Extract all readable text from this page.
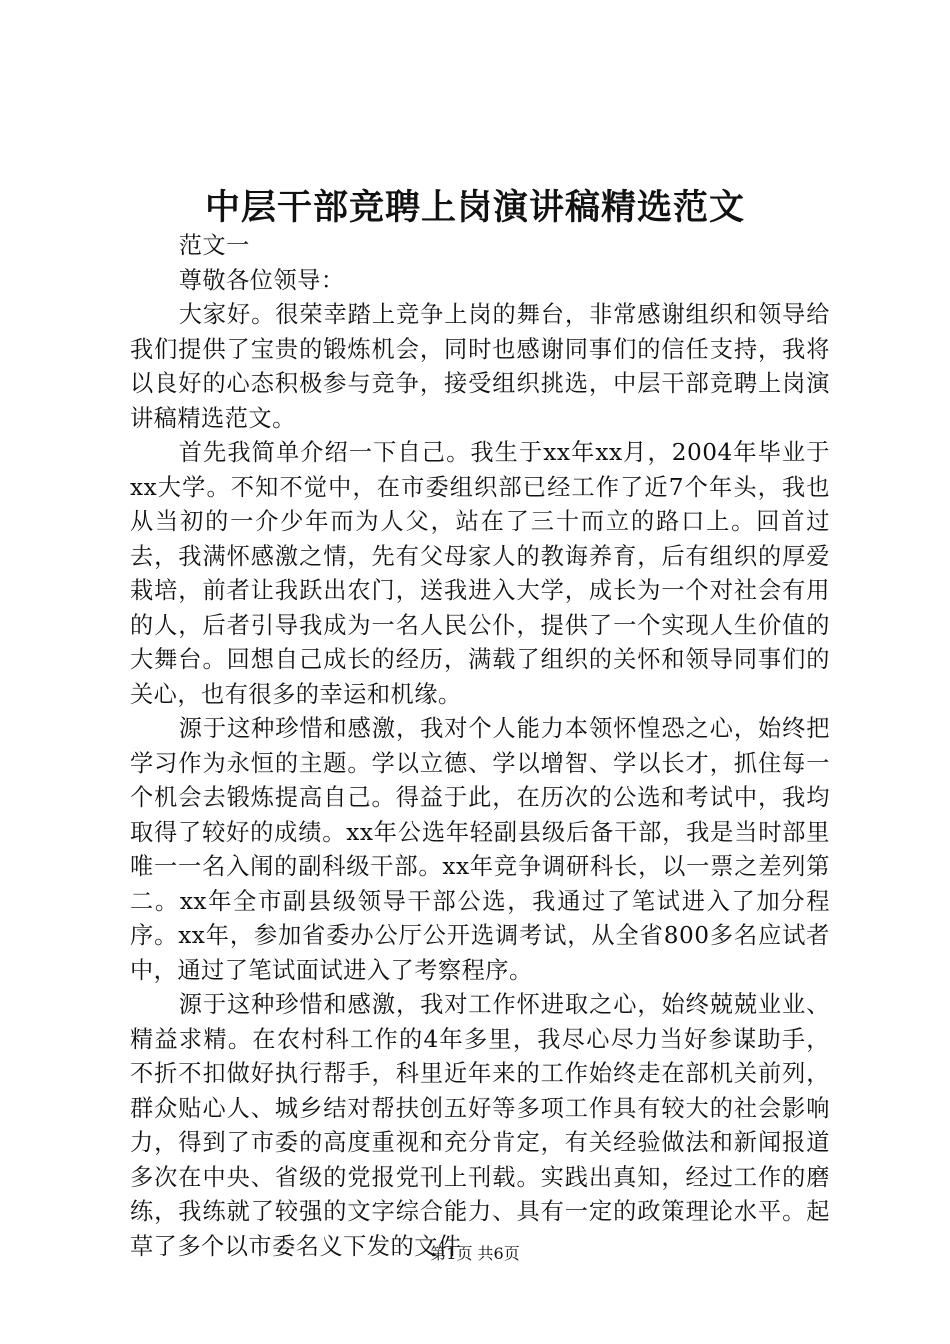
中层干部竞聘上岗演讲稿精选范文

范文一

尊敬各位领导：

大家好。很荣幸踏上竞争上岗的舞台，非常感谢组织和领导给我们提供了宝贵的锻炼机会，同时也感谢同事们的信任支持，我将以良好的心态积极参与竞争，接受组织挑选，中层干部竞聘上岗演讲稿精选范文。

首先我简单介绍一下自己。我生于xx年xx月，2004年毕业于xx大学。不知不觉中，在市委组织部已经工作了近7个年头，我也从当初的一介少年而为人父，站在了三十而立的路口上。回首过去，我满怀感激之情，先有父母家人的教诲养育，后有组织的厚爱栽培，前者让我跃出农门，送我进入大学，成长为一个对社会有用的人，后者引导我成为一名人民公仆，提供了一个实现人生价值的大舞台。回想自己成长的经历，满载了组织的关怀和领导同事们的关心，也有很多的幸运和机缘。

源于这种珍惜和感激，我对个人能力本领怀惶恐之心，始终把学习作为永恒的主题。学以立德、学以增智、学以长才，抓住每一个机会去锻炼提高自己。得益于此，在历次的公选和考试中，我均取得了较好的成绩。xx年公选年轻副县级后备干部，我是当时部里唯一一名入闱的副科级干部。xx年竞争调研科长，以一票之差列第二。xx年全市副县级领导干部公选，我通过了笔试进入了加分程序。xx年，参加省委办公厅公开选调考试，从全省800多名应试者中，通过了笔试面试进入了考察程序。

源于这种珍惜和感激，我对工作怀进取之心，始终兢兢业业、精益求精。在农村科工作的4年多里，我尽心尽力当好参谋助手，不折不扣做好执行帮手，科里近年来的工作始终走在部机关前列，群众贴心人、城乡结对帮扶创五好等多项工作具有较大的社会影响力，得到了市委的高度重视和充分肯定，有关经验做法和新闻报道多次在中央、省级的党报党刊上刊载。实践出真知，经过工作的磨练，我练就了较强的文字综合能力、具有一定的政策理论水平。起草了多个以市委名义下发的文件

第1页 共6页
